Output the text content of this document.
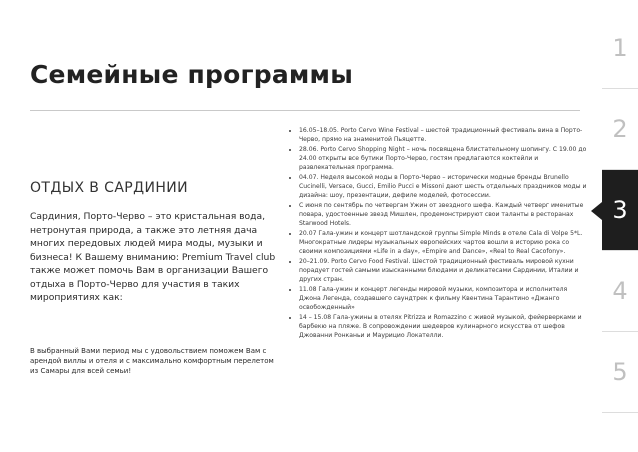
Семейные программы
ОТДЫХ В САРДИНИИ
Сардиния, Порто-Черво – это кристальная вода, нетронутая природа, а также это летняя дача многих передовых людей мира моды, музыки и бизнеса! К Вашему вниманию: Premium Travel club также может помочь Вам в организации Вашего отдыха в Порто-Черво для участия в таких мироприятиях как:
В выбранный Вами период мы с удовольствием поможем Вам с арендой виллы и отеля и с максимально комфортным перелетом из Самары для всей семьи!
• 16.05–18.05. Porto Cervo Wine Festival – шестой традиционный фестиваль вина в Порто-Черво, прямо на знаменитой Пьяцетте.
• 28.06. Porto Cervo Shopping Night – ночь посвящена блистательному шопингу. С 19.00 до 24.00 открыты все бутики Порто-Черво, гостям предлагаются коктейли и развлекательная программа.
• 04.07. Неделя высокой моды в Порто-Черво – исторически модные бренды Brunello Cucinelli, Versace, Gucci, Emilio Pucci е Missoni дают шесть отдельных праздников моды и дизайна: шоу, презентации, дефиле моделей, фотосессии.
• С июня по сентябрь по четвергам Ужин от звездного шефа. Каждый четверг именитые повара, удостоенные звезд Мишлен, продемонстрируют свои таланты в ресторанах Starwood Hotels.
• 20.07 Гала-ужин и концерт шотландской группы Simple Minds в отеле Cala di Volpe 5*L. Многократные лидеры музыкальных европейских чартов вошли в историю рока со своими композициями «Life in a day», «Empire and Dance», «Real to Real Cacofony».
• 20–21.09. Porto Cervo Food Festival. Шестой традиционный фестиваль мировой кухни порадует гостей самыми изысканными блюдами и деликатесами Сардинии, Италии и других стран.
• 11.08 Гала-ужин и концерт легенды мировой музыки, композитора и исполнителя Джона Легенда, создавшего саундтрек к фильму Квентина Тарантино «Джанго освобожденный»
• 14 – 15.08 Гала-ужины в отелях Pitrizza и Romazzino с живой музыкой, фейерверками и барбекю на пляже. В сопровождении шедевров кулинарного искусства от шефов Джованни Ронканьи и Маурицио Локателли.
1
2
3
4
5
